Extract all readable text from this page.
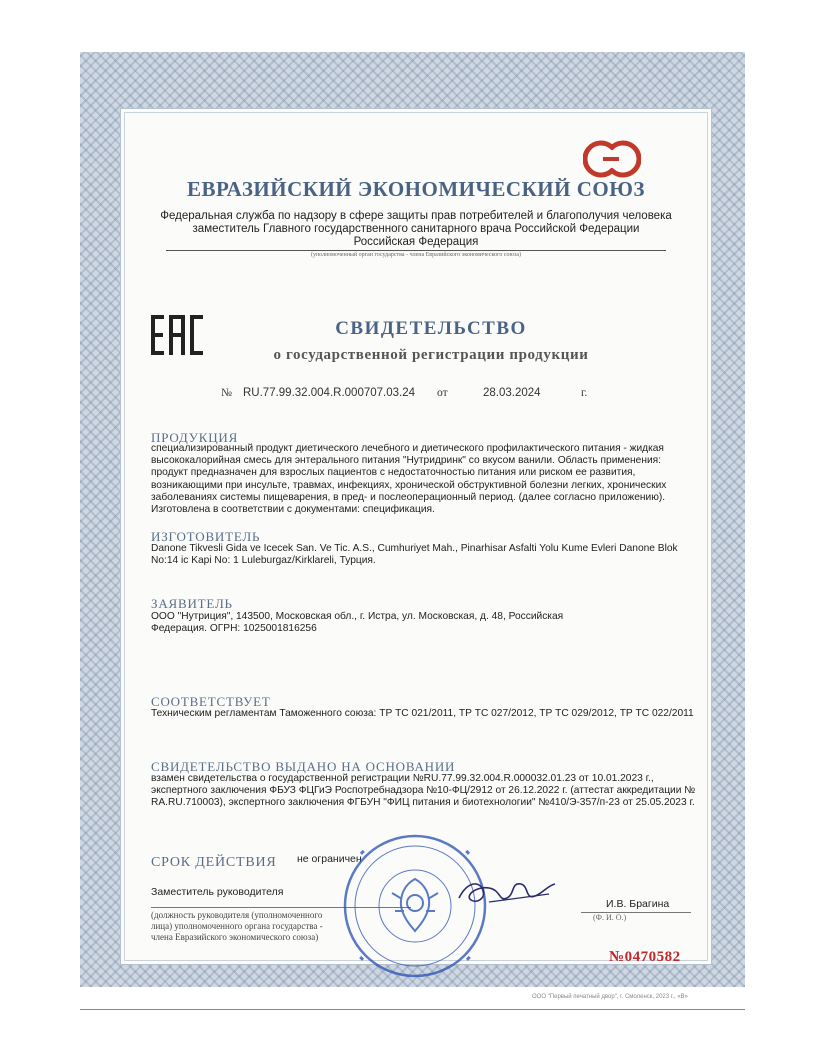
ЕВРАЗИЙСКИЙ ЭКОНОМИЧЕСКИЙ СОЮЗ
Федеральная служба по надзору в сфере защиты прав потребителей и благополучия человека
заместитель Главного государственного санитарного врача Российской Федерации
Российская Федерация
(уполномоченный орган государства - члена Евразийского экономического союза)
СВИДЕТЕЛЬСТВО
о государственной регистрации продукции
№ RU.77.99.32.004.R.000707.03.24 от	28.03.2024	г.
ПРОДУКЦИЯ
специализированный продукт диетического лечебного и диетического профилактического питания - жидкая высококалорийная смесь для энтерального питания "Нутридринк" со вкусом ванили. Область применения: продукт предназначен для взрослых пациентов с недостаточностью питания или риском ее развития, возникающими при инсульте, травмах, инфекциях, хронической обструктивной болезни легких, хронических заболеваниях системы пищеварения, в пред- и послеоперационный период. (далее согласно приложению). Изготовлена в соответствии с документами: спецификация.
ИЗГОТОВИТЕЛЬ
Danone Tikvesli Gida ve Icecek San. Ve Tic. A.S., Cumhuriyet Mah., Pinarhisar Asfalti Yolu Kume Evleri Danone Blok No:14 ic Kapi No: 1 Luleburgaz/Kirklareli, Турция.
ЗАЯВИТЕЛЬ
ООО "Нутриция", 143500, Московская обл., г. Истра, ул. Московская, д. 48, Российская Федерация. ОГРН: 1025001816256
СООТВЕТСТВУЕТ
Техническим регламентам Таможенного союза: ТР ТС 021/2011, ТР ТС 027/2012, ТР ТС 029/2012, ТР ТС 022/2011
СВИДЕТЕЛЬСТВО ВЫДАНО НА ОСНОВАНИИ
взамен свидетельства о государственной регистрации №RU.77.99.32.004.R.000032.01.23 от 10.01.2023 г., экспертного заключения ФБУЗ ФЦГиЭ Роспотребнадзора №10-ФЦ/2912 от 26.12.2022 г. (аттестат аккредитации № RA.RU.710003), экспертного заключения ФГБУН "ФИЦ питания и биотехнологии" №410/Э-357/п-23 от 25.05.2023 г.
СРОК ДЕЙСТВИЯ не ограничен
Заместитель руководителя
И.В. Брагина
(Ф. И. О.)
(должность руководителя (уполномоченного
лица) уполномоченного органа государства -
члена Евразийского экономического союза)
№0470582
ООО "Первый печатный двор", г. Смоленск, 2023 г., «В»
